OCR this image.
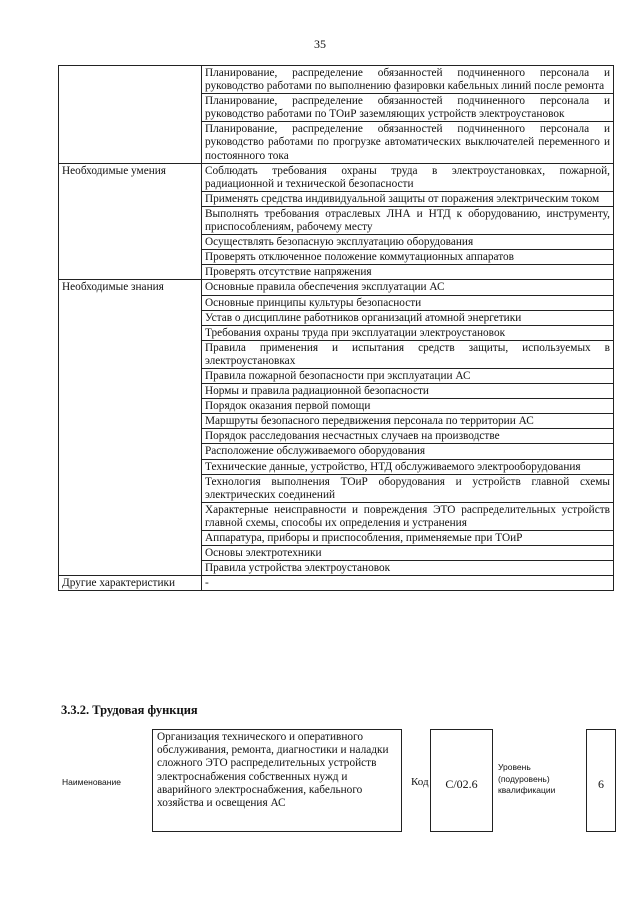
35
	Планирование, распределение обязанностей подчиненного персонала и руководство работами по выполнению фазировки кабельных линий после ремонта
	Планирование, распределение обязанностей подчиненного персонала и руководство работами по ТОиР заземляющих устройств электроустановок
	Планирование, распределение обязанностей подчиненного персонала и руководство работами по прогрузке автоматических выключателей переменного и постоянного тока
Необходимые умения	Соблюдать требования охраны труда в электроустановках, пожарной, радиационной и технической безопасности
	Применять средства индивидуальной защиты от поражения электрическим током
	Выполнять требования отраслевых ЛНА и НТД к оборудованию, инструменту, приспособлениям, рабочему месту
	Осуществлять безопасную эксплуатацию оборудования
	Проверять отключенное положение коммутационных аппаратов
	Проверять отсутствие напряжения
Необходимые знания	Основные правила обеспечения эксплуатации АС
	Основные принципы культуры безопасности
	Устав о дисциплине работников организаций атомной энергетики
	Требования охраны труда при эксплуатации электроустановок
	Правила применения и испытания средств защиты, используемых в электроустановках
	Правила пожарной безопасности при эксплуатации АС
	Нормы и правила радиационной безопасности
	Порядок оказания первой помощи
	Маршруты безопасного передвижения персонала по территории АС
	Порядок расследования несчастных случаев на производстве
	Расположение обслуживаемого оборудования
	Технические данные, устройство, НТД обслуживаемого электрооборудования
	Технология выполнения ТОиР оборудования и устройств главной схемы электрических соединений
	Характерные неисправности и повреждения ЭТО распределительных устройств главной схемы, способы их определения и устранения
	Аппаратура, приборы и приспособления, применяемые при ТОиР
	Основы электротехники
	Правила устройства электроустановок
Другие характеристики	-
3.3.2. Трудовая функция
Наименование
Организация технического и оперативного обслуживания, ремонта, диагностики и наладки сложного ЭТО распределительных устройств электроснабжения собственных нужд и аварийного электроснабжения, кабельного хозяйства и освещения АС
Код	С/02.6
Уровень (подуровень) квалификации	6
